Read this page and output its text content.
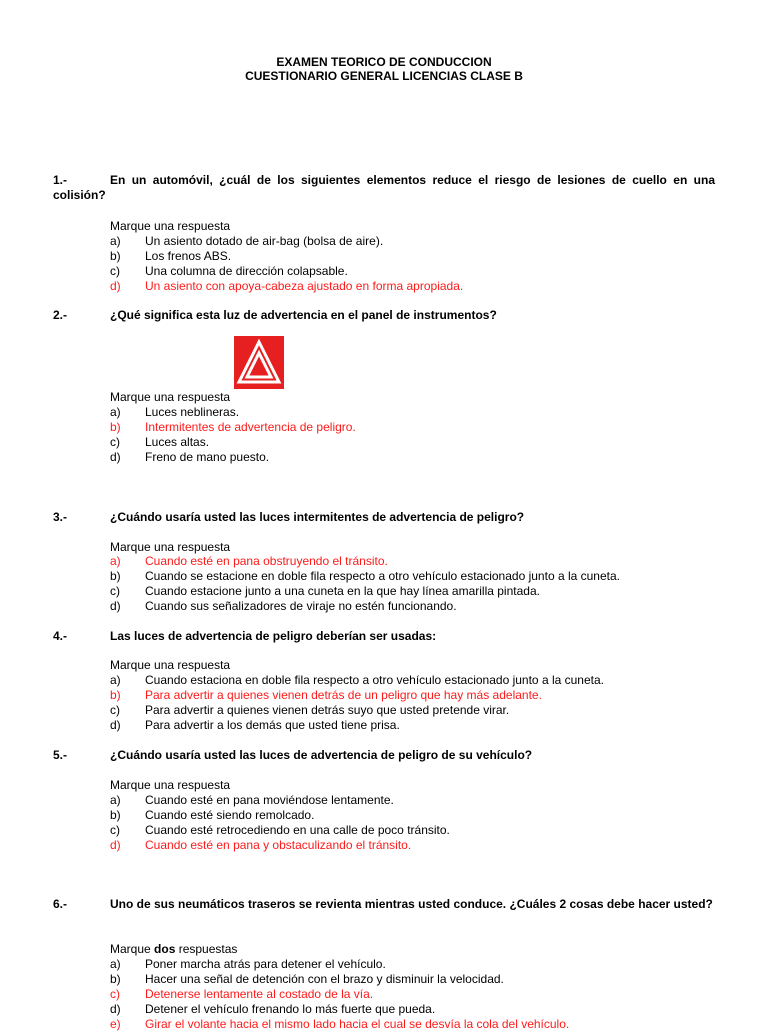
EXAMEN TEORICO DE CONDUCCION
CUESTIONARIO GENERAL LICENCIAS CLASE B
1.-	En un automóvil, ¿cuál de los siguientes elementos reduce el riesgo de lesiones de cuello en una colisión?
Marque una respuesta
a) Un asiento dotado de air-bag (bolsa de aire).
b) Los frenos ABS.
c) Una columna de dirección colapsable.
d) Un asiento con apoya-cabeza ajustado en forma apropiada.
2.-	¿Qué significa esta luz de advertencia en el panel de instrumentos?
Marque una respuesta
a) Luces neblineras.
b) Intermitentes de advertencia de peligro.
c) Luces altas.
d) Freno de mano puesto.
3.-	¿Cuándo usaría usted las luces intermitentes de advertencia de peligro?
Marque una respuesta
a) Cuando esté en pana obstruyendo el tránsito.
b) Cuando se estacione en doble fila respecto a otro vehículo estacionado junto a la cuneta.
c) Cuando estacione junto a una cuneta en la que hay línea amarilla pintada.
d) Cuando sus señalizadores de viraje no estén funcionando.
4.-	Las luces de advertencia de peligro deberían ser usadas:
Marque una respuesta
a) Cuando estaciona en doble fila respecto a otro vehículo estacionado junto a la cuneta.
b) Para advertir a quienes vienen detrás de un peligro que hay más adelante.
c) Para advertir a quienes vienen detrás suyo que usted pretende virar.
d) Para advertir a los demás que usted tiene prisa.
5.-	¿Cuándo usaría usted las luces de advertencia de peligro de su vehículo?
Marque una respuesta
a) Cuando esté en pana moviéndose lentamente.
b) Cuando esté siendo remolcado.
c) Cuando esté retrocediendo en una calle de poco tránsito.
d) Cuando esté en pana y obstaculizando el tránsito.
6.-	Uno de sus neumáticos traseros se revienta mientras usted conduce. ¿Cuáles 2 cosas debe hacer usted?
Marque dos respuestas
a) Poner marcha atrás para detener el vehículo.
b) Hacer una señal de detención con el brazo y disminuir la velocidad.
c) Detenerse lentamente al costado de la vía.
d) Detener el vehículo frenando lo más fuerte que pueda.
e) Girar el volante hacia el mismo lado hacia el cual se desvía la cola del vehículo.
